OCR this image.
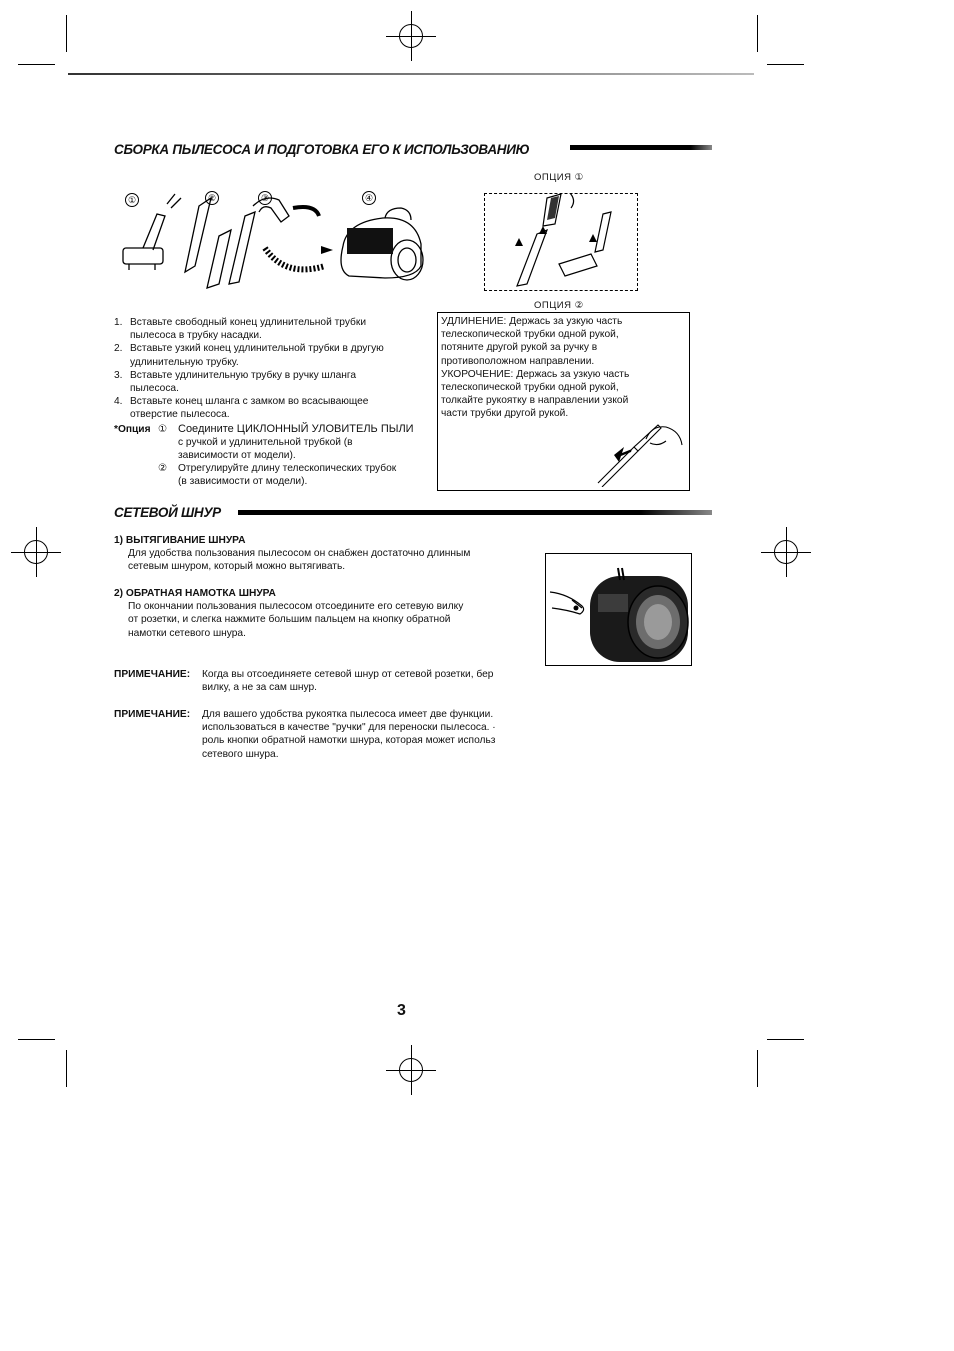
СБОРКА ПЫЛЕСОСА И ПОДГОТОВКА ЕГО К ИСПОЛЬЗОВАНИЮ
①	②	③	④
ОПЦИЯ ①
1. Вставьте свободный конец удлинительной трубки
пылесоса в трубку насадки.
2. Вставьте узкий конец удлинительной трубки в другую
удлинительную трубку.
3. Вставьте удлинительную трубку в ручку шланга
пылесоса.
4. Вставьте конец шланга с замком во всасывающее
отверстие пылесоса.
*Опция ① Соедините ЦИКЛОННЫЙ УЛОВИТЕЛЬ ПЫЛИ
с ручкой и удлинительной трубкой (в
зависимости от модели).
② Отрегулируйте длину телескопических трубок
(в зависимости от модели).
ОПЦИЯ ②
УДЛИНЕНИЕ: Держась за узкую часть
телескопической трубки одной рукой,
потяните другой рукой за ручку в
противоположном направлении.
УКОРОЧЕНИЕ: Держась за узкую часть
телескопической трубки одной рукой,
толкайте рукоятку в направлении узкой
части трубки другой рукой.
СЕТЕВОЙ ШНУР
1) ВЫТЯГИВАНИЕ ШНУРА
Для удобства пользования пылесосом он снабжен достаточно длинным
сетевым шнуром, который можно вытягивать.
2) ОБРАТНАЯ НАМОТКА ШНУРА
По окончании пользования пылесосом отсоедините его сетевую вилку
от розетки, и слегка нажмите большим пальцем на кнопку обратной
намотки сетевого шнура.
ПРИМЕЧАНИЕ: Когда вы отсоединяете сетевой шнур от сетевой розетки, бер
вилку, а не за сам шнур.
ПРИМЕЧАНИЕ: Для вашего удобства рукоятка пылесоса имеет две функции.
использоваться в качестве "ручки" для переноски пылесоса. ·
роль кнопки обратной намотки шнура, которая может использ
сетевого шнура.
3
